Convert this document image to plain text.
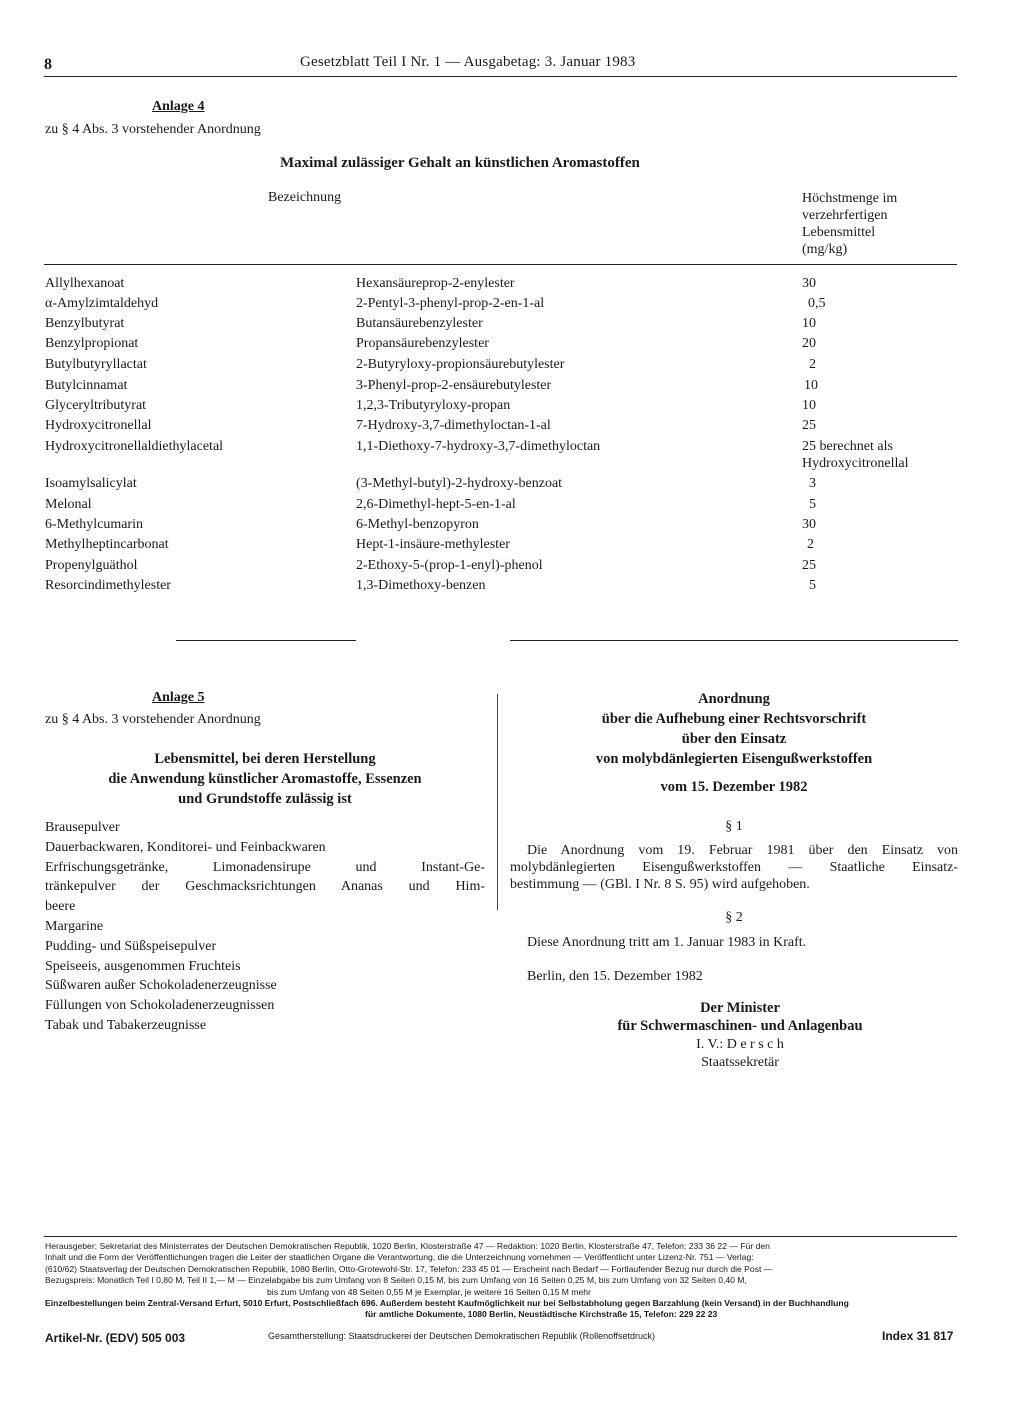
8	Gesetzblatt Teil I Nr. 1 — Ausgabetag: 3. Januar 1983
Anlage 4
zu § 4 Abs. 3 vorstehender Anordnung
Maximal zulässiger Gehalt an künstlichen Aromastoffen
Bezeichnung	Höchstmenge im
verzehrfertigen
Lebensmittel
(mg/kg)
Allylhexanoat	Hexansäureprop-2-enylester	30
α-Amylzimtaldehyd	2-Pentyl-3-phenyl-prop-2-en-1-al	0,5
Benzylbutyrat	Butansäurebenzylester	10
Benzylpropionat	Propansäurebenzylester	20
Butylbutyryllactat	2-Butyryloxy-propionsäurebutylester	2
Butylcinnamat	3-Phenyl-prop-2-ensäurebutylester	10
Glyceryltributyrat	1,2,3-Tributyryloxy-propan	10
Hydroxycitronellal	7-Hydroxy-3,7-dimethyloctan-1-al	25
Hydroxycitronellaldiethylacetal	1,1-Diethoxy-7-hydroxy-3,7-dimethyloctan	25 berechnet als
Hydroxycitronellal
Isoamylsalicylat	(3-Methyl-butyl)-2-hydroxy-benzoat	3
Melonal	2,6-Dimethyl-hept-5-en-1-al	5
6-Methylcumarin	6-Methyl-benzopyron	30
Methylheptincarbonat	Hept-1-insäure-methylester	2
Propenylguäthol	2-Ethoxy-5-(prop-1-enyl)-phenol	25
Resorcindimethylester	1,3-Dimethoxy-benzen	5
Anlage 5
zu § 4 Abs. 3 vorstehender Anordnung
Lebensmittel, bei deren Herstellung
die Anwendung künstlicher Aromastoffe, Essenzen
und Grundstoffe zulässig ist
Brausepulver
Dauerbackwaren, Konditorei- und Feinbackwaren
Erfrischungsgetränke, Limonadensirupe und Instant-Ge-
tränkepulver der Geschmacksrichtungen Ananas und Him-
beere
Margarine
Pudding- und Süßspeisepulver
Speiseeis, ausgenommen Fruchteis
Süßwaren außer Schokoladenerzeugnisse
Füllungen von Schokoladenerzeugnissen
Tabak und Tabakerzeugnisse
Anordnung
über die Aufhebung einer Rechtsvorschrift
über den Einsatz
von molybdänlegierten Eisengußwerkstoffen
vom 15. Dezember 1982
§ 1
Die Anordnung vom 19. Februar 1981 über den Einsatz von
molybdänlegierten Eisengußwerkstoffen — Staatliche Einsatz-
bestimmung — (GBl. I Nr. 8 S. 95) wird aufgehoben.
§ 2
Diese Anordnung tritt am 1. Januar 1983 in Kraft.
Berlin, den 15. Dezember 1982
Der Minister
für Schwermaschinen- und Anlagenbau
I. V.: D e r s c h
Staatssekretär
Herausgeber: Sekretariat des Ministerrates der Deutschen Demokratischen Republik, 1020 Berlin, Klosterstraße 47 — Redaktion: 1020 Berlin, Klosterstraße 47, Telefon: 233 36 22 — Für den
Inhalt und die Form der Veröffentlichungen tragen die Leiter der staatlichen Organe die Verantwortung, die die Unterzeichnung vornehmen — Veröffentlicht unter Lizenz-Nr. 751 — Verlag:
(610/62) Staatsverlag der Deutschen Demokratischen Republik, 1080 Berlin, Otto-Grotewohl-Str. 17, Telefon: 233 45 01 — Erscheint nach Bedarf — Fortlaufender Bezug nur durch die Post —
Bezugspreis: Monatlich Teil I 0,80 M, Teil II 1,— M — Einzelabgabe bis zum Umfang von 8 Seiten 0,15 M, bis zum Umfang von 16 Seiten 0,25 M, bis zum Umfang von 32 Seiten 0,40 M,
bis zum Umfang von 48 Seiten 0,55 M je Exemplar, je weitere 16 Seiten 0,15 M mehr
Einzelbestellungen beim Zentral-Versand Erfurt, 5010 Erfurt, Postschließfach 696. Außerdem besteht Kaufmöglichkeit nur bei Selbstabholung gegen Barzahlung (kein Versand) in der Buchhandlung
für amtliche Dokumente, 1080 Berlin, Neustädtische Kirchstraße 15, Telefon: 229 22 23
Artikel-Nr. (EDV) 505 003	Gesamtherstellung: Staatsdruckerei der Deutschen Demokratischen Republik (Rollenoffsetdruck)	Index 31 817
